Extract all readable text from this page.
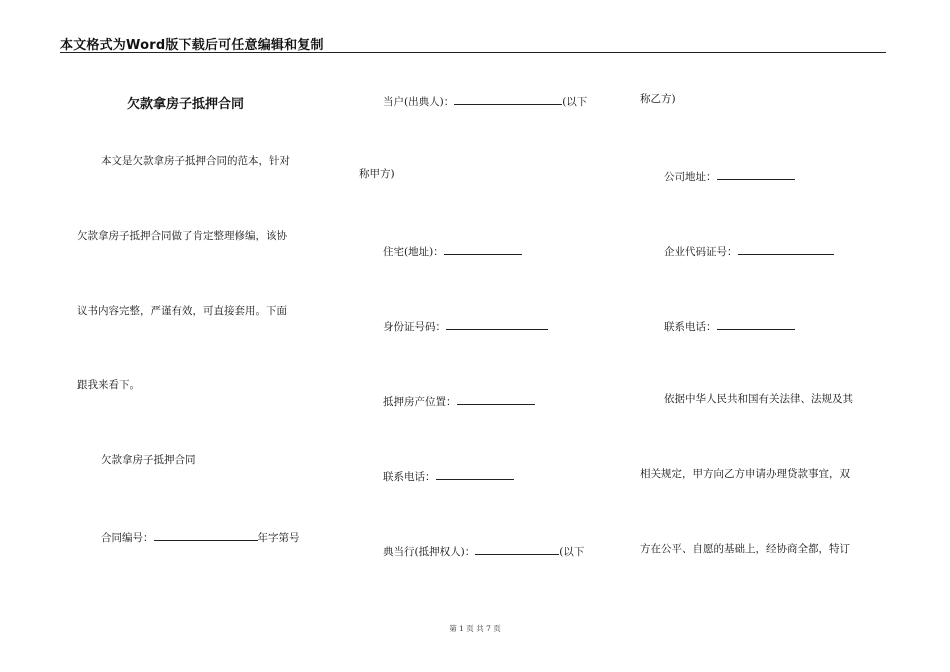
本文格式为Word版下载后可任意编辑和复制
欠款拿房子抵押合同
本文是欠款拿房子抵押合同的范本，针对
欠款拿房子抵押合同做了肯定整理修编，该协
议书内容完整，严谨有效，可直接套用。下面
跟我来看下。
欠款拿房子抵押合同
合同编号：	年字第号
当户(出典人)：	(以下
称甲方)
住宅(地址)：
身份证号码：
抵押房产位置：
联系电话：
典当行(抵押权人)：	(以下
称乙方)
公司地址：
企业代码证号：
联系电话：
依据中华人民共和国有关法律、法规及其
相关规定，甲方向乙方申请办理贷款事宜，双
方在公平、自愿的基础上，经协商全都，特订
第 1 页 共 7 页
